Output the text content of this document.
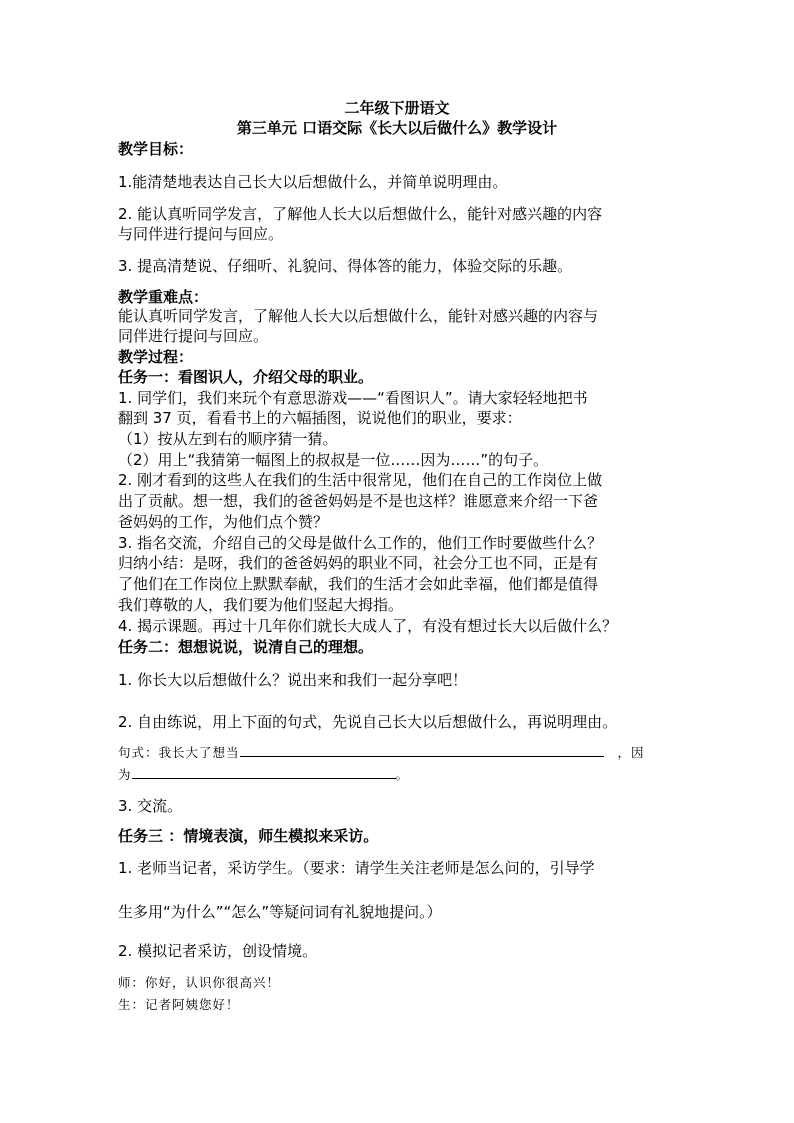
二年级下册语文
第三单元 口语交际《长大以后做什么》教学设计
教学目标：
1.能清楚地表达自己长大以后想做什么，并简单说明理由。
2. 能认真听同学发言，了解他人长大以后想做什么，能针对感兴趣的内容
与同伴进行提问与回应。
3. 提高清楚说、仔细听、礼貌问、得体答的能力，体验交际的乐趣。
教学重难点：
能认真听同学发言，了解他人长大以后想做什么，能针对感兴趣的内容与
同伴进行提问与回应。
教学过程：
任务一：看图识人，介绍父母的职业。
1. 同学们，我们来玩个有意思游戏——“看图识人”。请大家轻轻地把书
翻到 37 页，看看书上的六幅插图，说说他们的职业，要求：
（1）按从左到右的顺序猜一猜。
（2）用上“我猜第一幅图上的叔叔是一位……因为……”的句子。
2. 刚才看到的这些人在我们的生活中很常见，他们在自己的工作岗位上做
出了贡献。想一想，我们的爸爸妈妈是不是也这样？谁愿意来介绍一下爸
爸妈妈的工作，为他们点个赞？
3. 指名交流，介绍自己的父母是做什么工作的，他们工作时要做些什么？
归纳小结：是呀，我们的爸爸妈妈的职业不同，社会分工也不同，正是有
了他们在工作岗位上默默奉献，我们的生活才会如此幸福，他们都是值得
我们尊敬的人，我们要为他们竖起大拇指。
4. 揭示课题。再过十几年你们就长大成人了，有没有想过长大以后做什么？
任务二：想想说说，说清自己的理想。
1. 你长大以后想做什么？说出来和我们一起分享吧！
2. 自由练说，用上下面的句式，先说自己长大以后想做什么，再说明理由。
句式：我长大了想当	，因
为	。
3. 交流。
任务三 ：情境表演，师生模拟来采访。
1. 老师当记者，采访学生。（要求：请学生关注老师是怎么问的，引导学
生多用“为什么”“怎么”等疑问词有礼貌地提问。）
2. 模拟记者采访，创设情境。
师：你好，认识你很高兴！
生：记者阿姨您好！
